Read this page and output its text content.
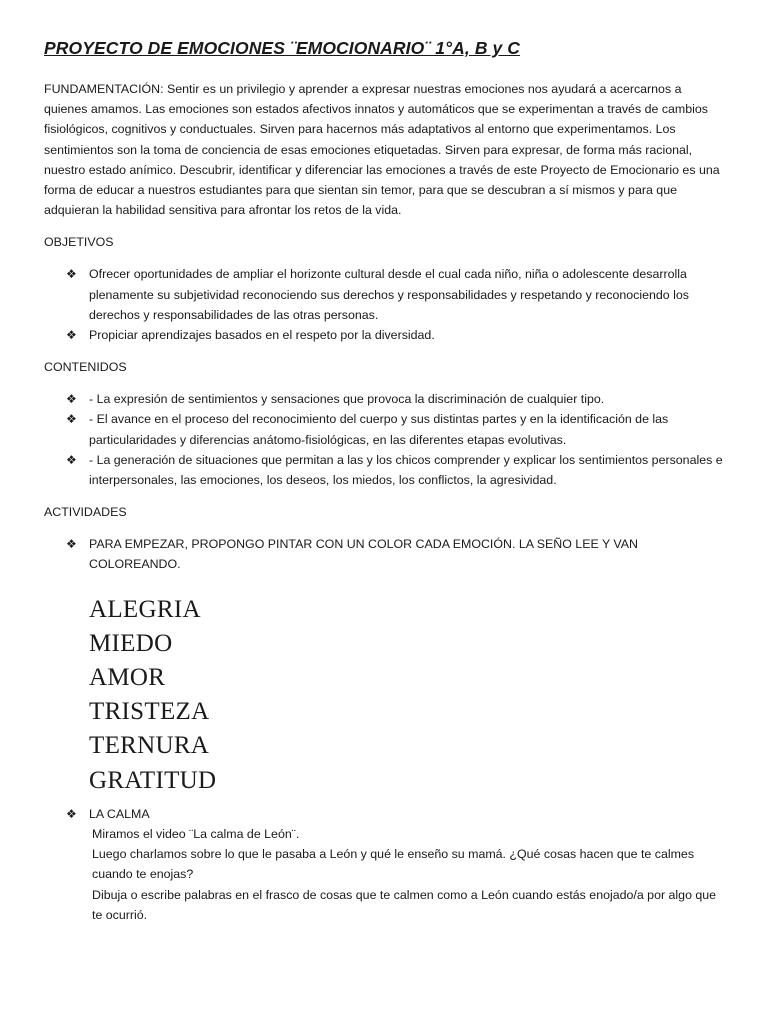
PROYECTO DE EMOCIONES ¨EMOCIONARIO¨ 1°A, B y C

FUNDAMENTACIÓN: Sentir es un privilegio y aprender a expresar nuestras emociones nos ayudará a acercarnos a quienes amamos. Las emociones son estados afectivos innatos y automáticos que se experimentan a través de cambios fisiológicos, cognitivos y conductuales. Sirven para hacernos más adaptativos al entorno que experimentamos. Los sentimientos son la toma de conciencia de esas emociones etiquetadas. Sirven para expresar, de forma más racional, nuestro estado anímico. Descubrir, identificar y diferenciar las emociones a través de este Proyecto de Emocionario es una forma de educar a nuestros estudiantes para que sientan sin temor, para que se descubran a sí mismos y para que adquieran la habilidad sensitiva para afrontar los retos de la vida.

OBJETIVOS
❖ Ofrecer oportunidades de ampliar el horizonte cultural desde el cual cada niño, niña o adolescente desarrolla plenamente su subjetividad reconociendo sus derechos y responsabilidades y respetando y reconociendo los derechos y responsabilidades de las otras personas.
❖ Propiciar aprendizajes basados en el respeto por la diversidad.
CONTENIDOS
❖ - La expresión de sentimientos y sensaciones que provoca la discriminación de cualquier tipo.
❖ - El avance en el proceso del reconocimiento del cuerpo y sus distintas partes y en la identificación de las particularidades y diferencias anátomo-fisiológicas, en las diferentes etapas evolutivas.
❖ - La generación de situaciones que permitan a las y los chicos comprender y explicar los sentimientos personales e interpersonales, las emociones, los deseos, los miedos, los conflictos, la agresividad.
ACTIVIDADES
❖ PARA EMPEZAR, PROPONGO PINTAR CON UN COLOR CADA EMOCIÓN. LA SEÑO LEE Y VAN COLOREANDO.
ALEGRIA
MIEDO
AMOR
TRISTEZA
TERNURA
GRATITUD
❖ LA CALMA
Miramos el video ¨La calma de León¨.
Luego charlamos sobre lo que le pasaba a León y qué le enseño su mamá. ¿Qué cosas hacen que te calmes cuando te enojas?
Dibuja o escribe palabras en el frasco de cosas que te calmen como a León cuando estás enojado/a por algo que te ocurrió.
